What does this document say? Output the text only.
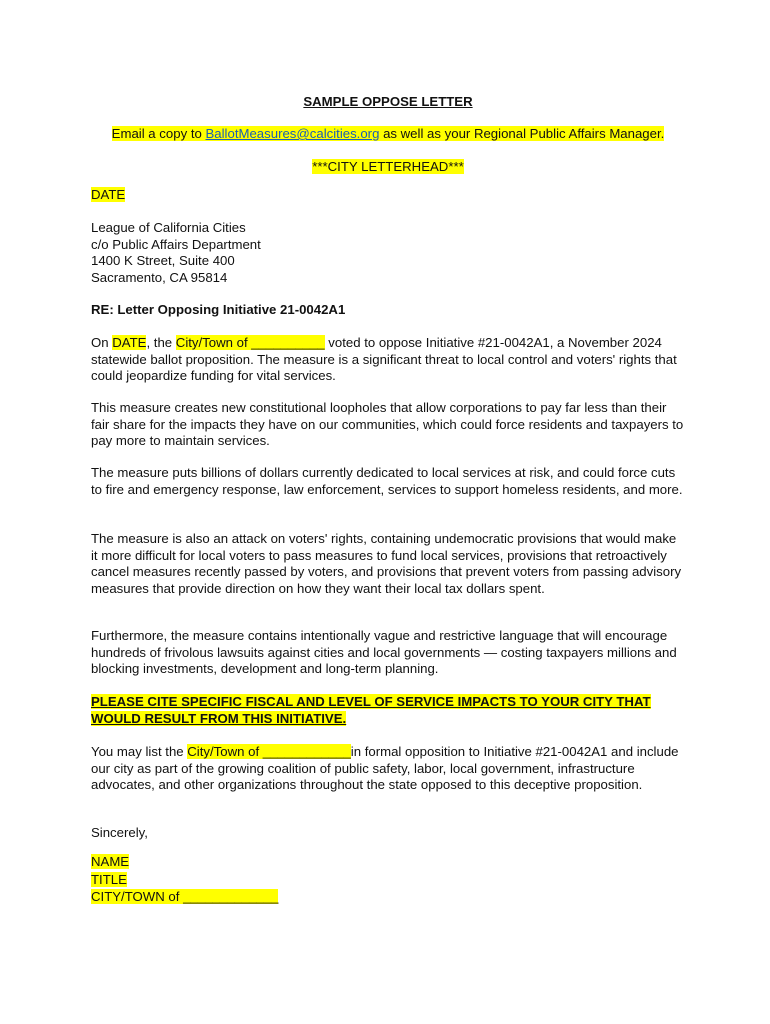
SAMPLE OPPOSE LETTER
Email a copy to BallotMeasures@calcities.org as well as your Regional Public Affairs Manager.
***CITY LETTERHEAD***
DATE
League of California Cities
c/o Public Affairs Department
1400 K Street, Suite 400
Sacramento, CA 95814
RE: Letter Opposing Initiative 21-0042A1

On DATE, the City/Town of __________ voted to oppose Initiative #21-0042A1, a November 2024 statewide ballot proposition. The measure is a significant threat to local control and voters' rights that could jeopardize funding for vital services.

This measure creates new constitutional loopholes that allow corporations to pay far less than their fair share for the impacts they have on our communities, which could force residents and taxpayers to pay more to maintain services.

The measure puts billions of dollars currently dedicated to local services at risk, and could force cuts to fire and emergency response, law enforcement, services to support homeless residents, and more.

The measure is also an attack on voters' rights, containing undemocratic provisions that would make it more difficult for local voters to pass measures to fund local services, provisions that retroactively cancel measures recently passed by voters, and provisions that prevent voters from passing advisory measures that provide direction on how they want their local tax dollars spent.

Furthermore, the measure contains intentionally vague and restrictive language that will encourage hundreds of frivolous lawsuits against cities and local governments — costing taxpayers millions and blocking investments, development and long-term planning.

PLEASE CITE SPECIFIC FISCAL AND LEVEL OF SERVICE IMPACTS TO YOUR CITY THAT WOULD RESULT FROM THIS INITIATIVE.

You may list the City/Town of ____________in formal opposition to Initiative #21-0042A1 and include our city as part of the growing coalition of public safety, labor, local government, infrastructure advocates, and other organizations throughout the state opposed to this deceptive proposition.

Sincerely,
NAME
TITLE
CITY/TOWN of _____________
